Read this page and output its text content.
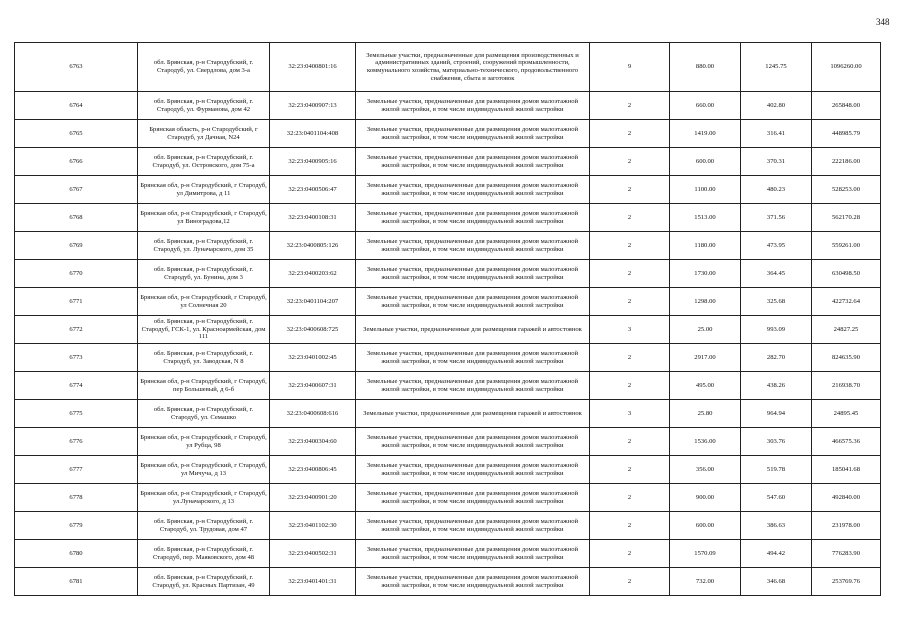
348
6763	обл. Брянская, р-н Стародубский, г. Стародуб, ул. Свердлова, дом 3-а	32:23:0400801:16	Земельные участки, предназначенные для размещения производственных и административных зданий, строений, сооружений промышленности, коммунального хозяйства, материально-технического, продовольственного снабжения, сбыта и заготовок	9	880.00	1245.75	1096260.00
6764	обл. Брянская, р-н Стародубский, г. Стародуб, ул. Фурманова, дом 42	32:23:0400907:13	Земельные участки, предназначенные для размещения домов малоэтажной жилой застройки, в том числе индивидуальной жилой застройки	2	660.00	402.80	265848.00
6765	Брянская область, р-н Стародубский, г Стародуб, ул Дачная, N24	32:23:0401104:408	Земельные участки, предназначенные для размещения домов малоэтажной жилой застройки, в том числе индивидуальной жилой застройки	2	1419.00	316.41	448985.79
6766	обл. Брянская, р-н Стародубский, г. Стародуб, ул. Островского, дом 75-а	32:23:0400905:16	Земельные участки, предназначенные для размещения домов малоэтажной жилой застройки, в том числе индивидуальной жилой застройки	2	600.00	370.31	222186.00
6767	Брянская обл, р-н Стародубский, г Стародуб, ул Димитрова, д 11	32:23:0400506:47	Земельные участки, предназначенные для размещения домов малоэтажной жилой застройки, в том числе индивидуальной жилой застройки	2	1100.00	480.23	528253.00
6768	Брянская обл, р-н Стародубский, г Стародуб, ул Виноградова,12	32:23:0400108:31	Земельные участки, предназначенные для размещения домов малоэтажной жилой застройки, в том числе индивидуальной жилой застройки	2	1513.00	371.56	562170.28
6769	обл. Брянская, р-н Стародубский, г. Стародуб, ул. Луначарского, дом 35	32:23:0400805:126	Земельные участки, предназначенные для размещения домов малоэтажной жилой застройки, в том числе индивидуальной жилой застройки	2	1180.00	473.95	559261.00
6770	обл. Брянская, р-н Стародубский, г. Стародуб, ул. Бунина, дом 3	32:23:0400203:62	Земельные участки, предназначенные для размещения домов малоэтажной жилой застройки, в том числе индивидуальной жилой застройки	2	1730.00	364.45	630498.50
6771	Брянская обл, р-н Стародубский, г Стародуб, ул Солнечная 20	32:23:0401104:207	Земельные участки, предназначенные для размещения домов малоэтажной жилой застройки, в том числе индивидуальной жилой застройки	2	1298.00	325.68	422732.64
6772	обл. Брянская, р-н Стародубский, г. Стародуб, ГСК-1, ул. Красноармейская, дом 111	32:23:0400608:725	Земельные участки, предназначенные для размещения гаражей и автостоянок	3	25.00	993.09	24827.25
6773	обл. Брянская, р-н Стародубский, г. Стародуб, ул. Заводская, N 8	32:23:0401002:45	Земельные участки, предназначенные для размещения домов малоэтажной жилой застройки, в том числе индивидуальной жилой застройки	2	2917.00	282.70	824635.90
6774	Брянская обл, р-н Стародубский, г Стародуб, пер Большевый, д 6-б	32:23:0400607:31	Земельные участки, предназначенные для размещения домов малоэтажной жилой застройки, в том числе индивидуальной жилой застройки	2	495.00	438.26	216938.70
6775	обл. Брянская, р-н Стародубский, г. Стародуб, ул. Семашко	32:23:0400608:616	Земельные участки, предназначенные для размещения гаражей и автостоянок	3	25.80	964.94	24895.45
6776	Брянская обл, р-н Стародубский, г Стародуб, ул Рубца, 98	32:23:0400304:60	Земельные участки, предназначенные для размещения домов малоэтажной жилой застройки, в том числе индивидуальной жилой застройки	2	1536.00	303.76	466575.36
6777	Брянская обл, р-н Стародубский, г Стародуб, ул Мичуча, д 13	32:23:0400806:45	Земельные участки, предназначенные для размещения домов малоэтажной жилой застройки, в том числе индивидуальной жилой застройки	2	356.00	519.78	185041.68
6778	Брянская обл, р-н Стародубский, г Стародуб, ул.Луначарского, д 13	32:23:0400901:20	Земельные участки, предназначенные для размещения домов малоэтажной жилой застройки, в том числе индивидуальной жилой застройки	2	900.00	547.60	492840.00
6779	обл. Брянская, р-н Стародубский, г. Стародуб, ул. Трудовая, дом 47	32:23:0401102:30	Земельные участки, предназначенные для размещения домов малоэтажной жилой застройки, в том числе индивидуальной жилой застройки	2	600.00	386.63	231978.00
6780	обл. Брянская, р-н Стародубский, г. Стародуб, пер. Маяковского, дом 48	32:23:0400502:31	Земельные участки, предназначенные для размещения домов малоэтажной жилой застройки, в том числе индивидуальной жилой застройки	2	1570.09	494.42	776283.90
6781	обл. Брянская, р-н Стародубский, г. Стародуб, ул. Красных Партизан, 49	32:23:0401401:31	Земельные участки, предназначенные для размещения домов малоэтажной жилой застройки, в том числе индивидуальной жилой застройки	2	732.00	346.68	253769.76
